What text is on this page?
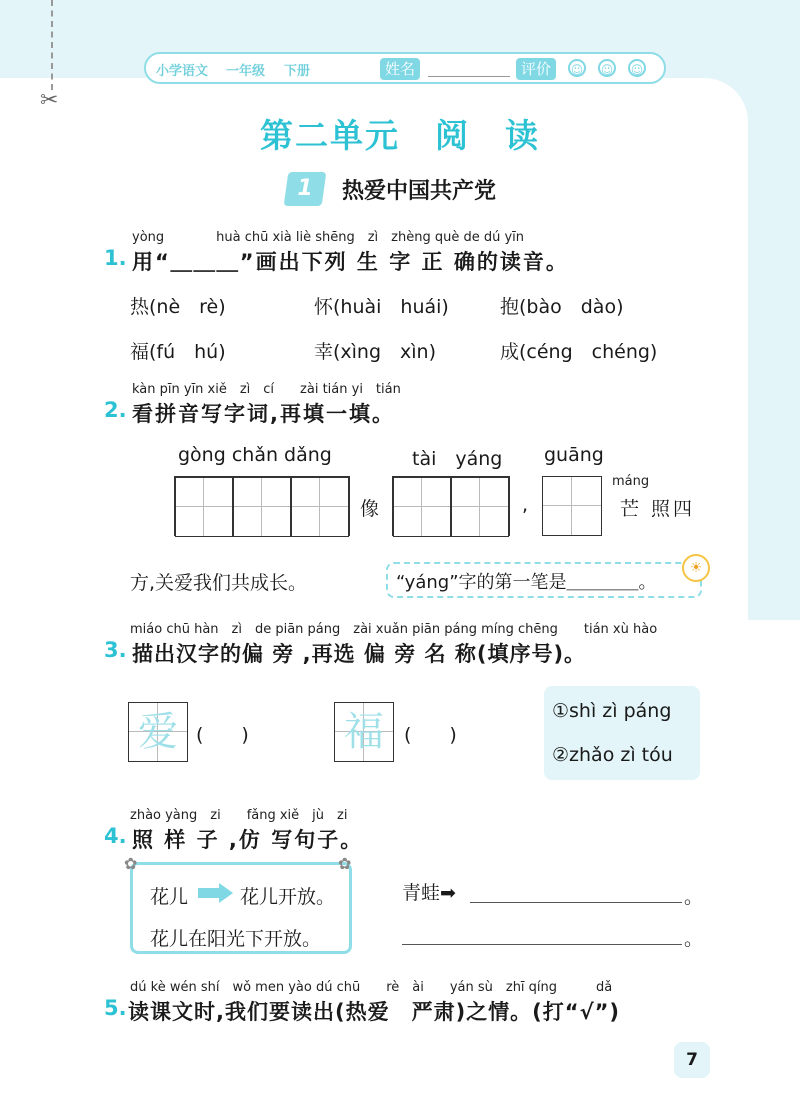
✂
小学语文 一年级 下册	姓名	评价	☺ ☺ ☺
第二单元　阅　读
1	热爱中国共产党
yòng　　　　huà chū xià liè shēng　zì　zhèng què de dú yīn
1. 用“＿＿＿”画出下列 生 字 正 确的读音。
热(nè　rè)	怀(huài　huái)	抱(bào　dào)
福(fú　hú)	幸(xìng　xìn)	成(céng　chéng)
kàn pīn yīn xiě　zì　cí　　zài tián yi　tián
2. 看拼音写字词,再填一填。
gòng chǎn dǎng	tài　yáng guāng
像	,
máng
芒 照四
方,关爱我们共成长。	“yáng”字的第一笔是＿＿＿＿。
☀
miáo chū hàn　zì　de piān páng　zài xuǎn piān páng míng chēng　　tián xù hào
3. 描出汉字的偏 旁 ,再选 偏 旁 名 称(填序号)。
爱 (　　) 福	(　　)
①shì zì páng
②zhǎo zì tóu
zhào yàng　zi　　fǎng xiě　jù　zi
4. 照 样 子 ,仿 写句子。
✿	✿
花儿	花儿开放。
花儿在阳光下开放。
青蛙➡	。
。
dú kè wén shí　wǒ men yào dú chū　　rè　ài　　yán sù　zhī qíng　　　dǎ
5. 读课文时,我们要读出(热爱　严肃)之情。(打“√”)
7
